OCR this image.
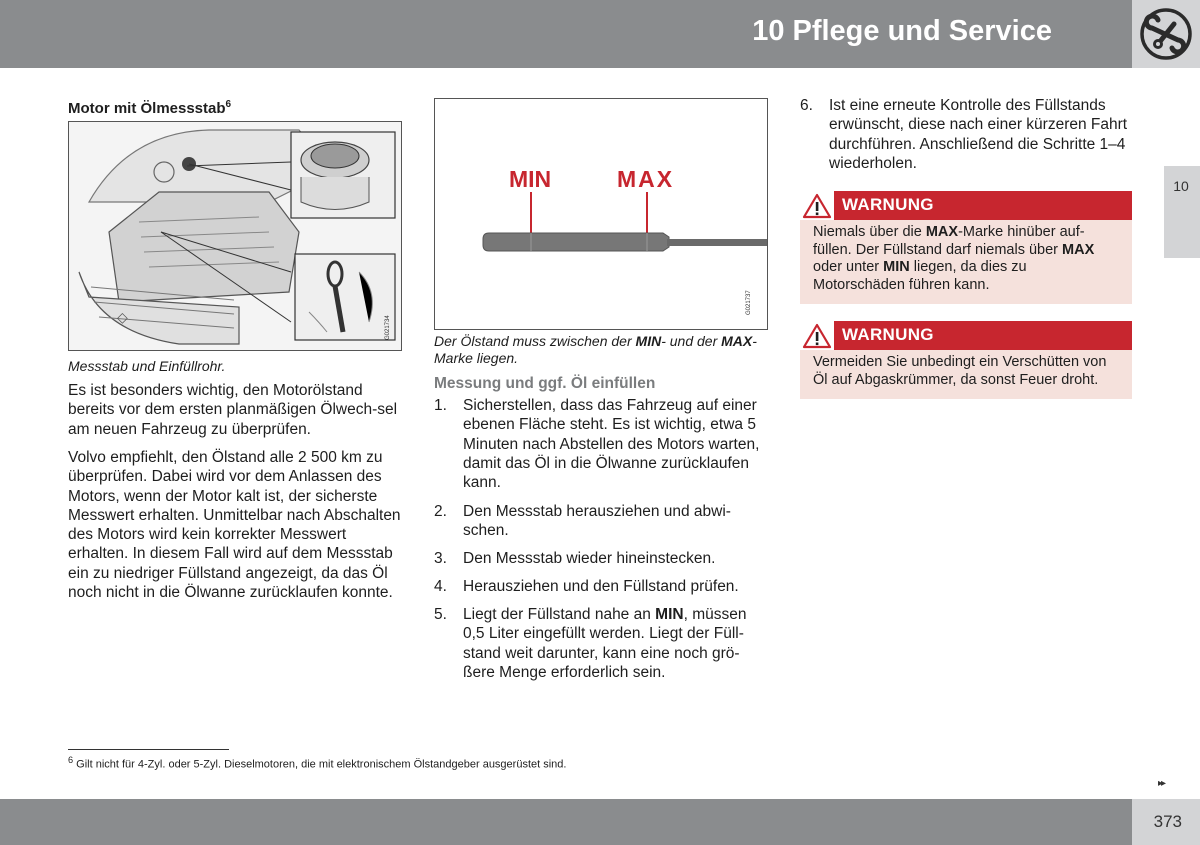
10 Pflege und Service
10
Motor mit Ölmessstab$^6$
◇	G021734
Messstab und Einfüllrohr.
Es ist besonders wichtig, den Motorölstand bereits vor dem ersten planmäßigen Ölwech-sel am neuen Fahrzeug zu überprüfen.
Volvo empfiehlt, den Ölstand alle 2 500 km zu überprüfen. Dabei wird vor dem Anlassen des Motors, wenn der Motor kalt ist, der sicherste Messwert erhalten. Unmittelbar nach Abschalten des Motors wird kein korrekter Messwert erhalten. In diesem Fall wird auf dem Messstab ein zu niedriger Füllstand angezeigt, da das Öl noch nicht in die Ölwanne zurücklaufen konnte.
MIN	MAX
G021737
Der Ölstand muss zwischen der MIN- und der MAX-Marke liegen.
Messung und ggf. Öl einfüllen
1. Sicherstellen, dass das Fahrzeug auf einer ebenen Fläche steht. Es ist wichtig, etwa 5 Minuten nach Abstellen des Motors warten, damit das Öl in die Ölwanne zurücklaufen kann.
2. Den Messstab herausziehen und abwi-schen.
3. Den Messstab wieder hineinstecken.
4. Herausziehen und den Füllstand prüfen.
5. Liegt der Füllstand nahe an MIN, müssen 0,5 Liter eingefüllt werden. Liegt der Füll-stand weit darunter, kann eine noch grö-ßere Menge erforderlich sein.
6. Ist eine erneute Kontrolle des Füllstands erwünscht, diese nach einer kürzeren Fahrt durchführen. Anschließend die Schritte 1–4 wiederholen.
WARNUNG
Niemals über die MAX-Marke hinüber auf-füllen. Der Füllstand darf niemals über MAX oder unter MIN liegen, da dies zu Motorschäden führen kann.
WARNUNG
Vermeiden Sie unbedingt ein Verschütten von Öl auf Abgaskrümmer, da sonst Feuer droht.
$^6$ Gilt nicht für 4-Zyl. oder 5-Zyl. Dieselmotoren, die mit elektronischem Ölstandgeber ausgerüstet sind.
▸▸
373
